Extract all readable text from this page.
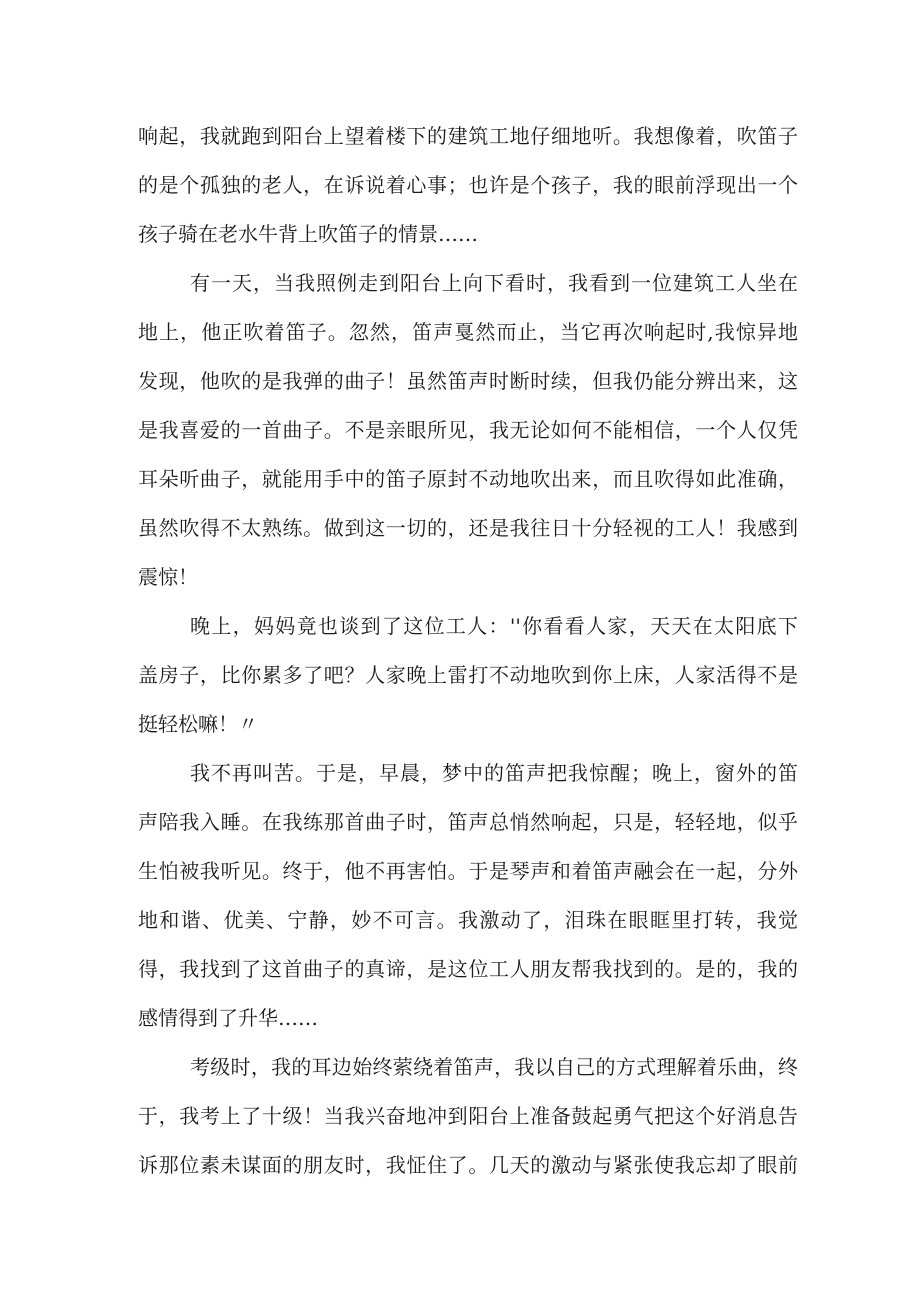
响起，我就跑到阳台上望着楼下的建筑工地仔细地听。我想像着，吹笛子
的是个孤独的老人，在诉说着心事；也许是个孩子，我的眼前浮现出一个
孩子骑在老水牛背上吹笛子的情景……
有一天，当我照例走到阳台上向下看时，我看到一位建筑工人坐在
地上，他正吹着笛子。忽然，笛声戛然而止，当它再次响起时,我惊异地
发现，他吹的是我弹的曲子！虽然笛声时断时续，但我仍能分辨出来，这
是我喜爱的一首曲子。不是亲眼所见，我无论如何不能相信，一个人仅凭
耳朵听曲子，就能用手中的笛子原封不动地吹出来，而且吹得如此准确，
虽然吹得不太熟练。做到这一切的，还是我往日十分轻视的工人！我感到
震惊！
晚上，妈妈竟也谈到了这位工人：''你看看人家，天天在太阳底下
盖房子，比你累多了吧？人家晚上雷打不动地吹到你上床，人家活得不是
挺轻松嘛！〃
我不再叫苦。于是，早晨，梦中的笛声把我惊醒；晚上，窗外的笛
声陪我入睡。在我练那首曲子时，笛声总悄然响起，只是，轻轻地，似乎
生怕被我听见。终于，他不再害怕。于是琴声和着笛声融会在一起，分外
地和谐、优美、宁静，妙不可言。我激动了，泪珠在眼眶里打转，我觉
得，我找到了这首曲子的真谛，是这位工人朋友帮我找到的。是的，我的
感情得到了升华……
考级时，我的耳边始终萦绕着笛声，我以自己的方式理解着乐曲，终
于，我考上了十级！当我兴奋地冲到阳台上准备鼓起勇气把这个好消息告
诉那位素未谋面的朋友时，我怔住了。几天的激动与紧张使我忘却了眼前
